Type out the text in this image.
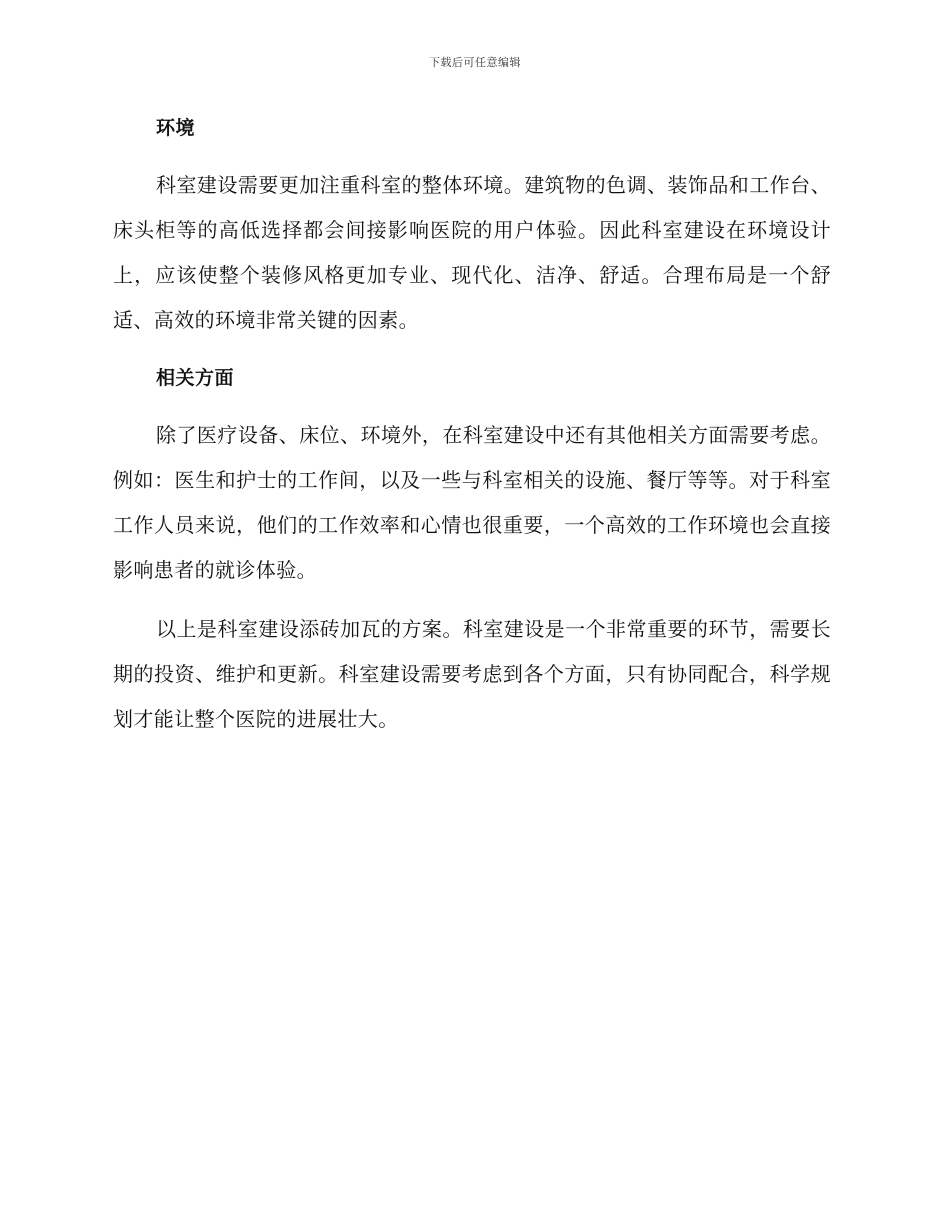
下载后可任意编辑
环境

科室建设需要更加注重科室的整体环境。建筑物的色调、装饰品和工作台、床头柜等的高低选择都会间接影响医院的用户体验。因此科室建设在环境设计上，应该使整个装修风格更加专业、现代化、洁净、舒适。合理布局是一个舒适、高效的环境非常关键的因素。

相关方面

除了医疗设备、床位、环境外，在科室建设中还有其他相关方面需要考虑。例如：医生和护士的工作间，以及一些与科室相关的设施、餐厅等等。对于科室工作人员来说，他们的工作效率和心情也很重要，一个高效的工作环境也会直接影响患者的就诊体验。

以上是科室建设添砖加瓦的方案。科室建设是一个非常重要的环节，需要长期的投资、维护和更新。科室建设需要考虑到各个方面，只有协同配合，科学规划才能让整个医院的进展壮大。
